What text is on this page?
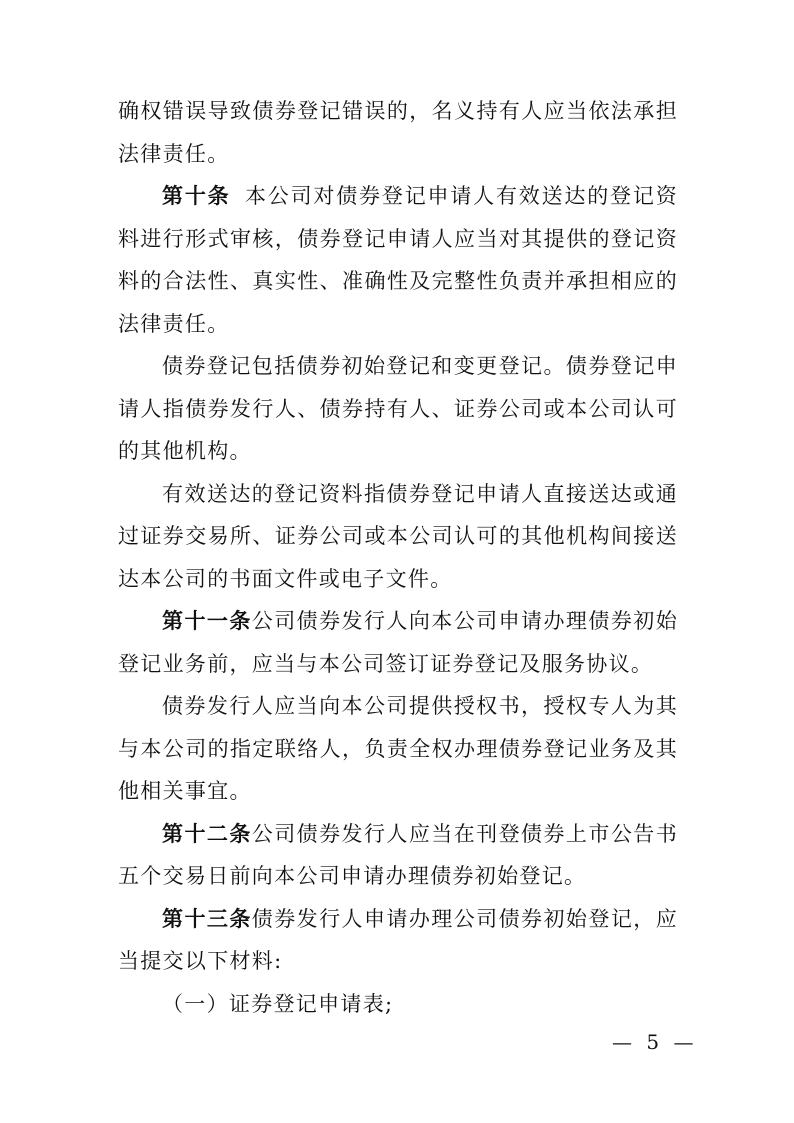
确权错误导致债券登记错误的，名义持有人应当依法承担法律责任。

第十条 本公司对债券登记申请人有效送达的登记资料进行形式审核，债券登记申请人应当对其提供的登记资料的合法性、真实性、准确性及完整性负责并承担相应的法律责任。

债券登记包括债券初始登记和变更登记。债券登记申请人指债券发行人、债券持有人、证券公司或本公司认可的其他机构。

有效送达的登记资料指债券登记申请人直接送达或通过证券交易所、证券公司或本公司认可的其他机构间接送达本公司的书面文件或电子文件。

第十一条公司债券发行人向本公司申请办理债券初始登记业务前，应当与本公司签订证券登记及服务协议。

债券发行人应当向本公司提供授权书，授权专人为其与本公司的指定联络人，负责全权办理债券登记业务及其他相关事宜。

第十二条公司债券发行人应当在刊登债券上市公告书五个交易日前向本公司申请办理债券初始登记。

第十三条债券发行人申请办理公司债券初始登记，应当提交以下材料:

（一）证券登记申请表;

— 5 —
